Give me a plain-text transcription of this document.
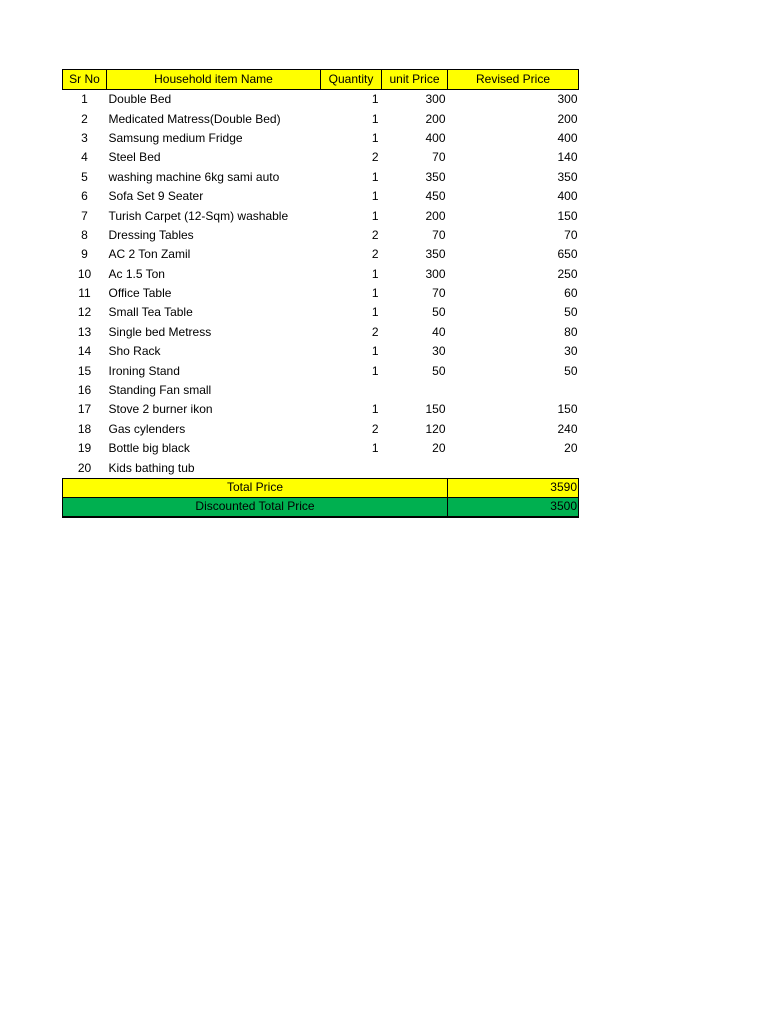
Sr No	Household item Name	Quantity	unit Price	Revised Price
1	Double Bed	1	300	300
2	Medicated Matress(Double Bed)	1	200	200
3	Samsung medium Fridge	1	400	400
4	Steel Bed	2	70	140
5	washing machine 6kg sami auto	1	350	350
6	Sofa Set 9 Seater	1	450	400
7	Turish Carpet (12-Sqm) washable	1	200	150
8	Dressing Tables	2	70	70
9	AC 2 Ton Zamil	2	350	650
10	Ac 1.5 Ton	1	300	250
11	Office Table	1	70	60
12	Small Tea Table	1	50	50
13	Single bed Metress	2	40	80
14	Sho Rack	1	30	30
15	Ironing Stand	1	50	50
16	Standing Fan small			
17	Stove 2 burner ikon	1	150	150
18	Gas cylenders	2	120	240
19	Bottle big black	1	20	20
20	Kids bathing tub			
Total Price				3590
Discounted Total Price				3500
